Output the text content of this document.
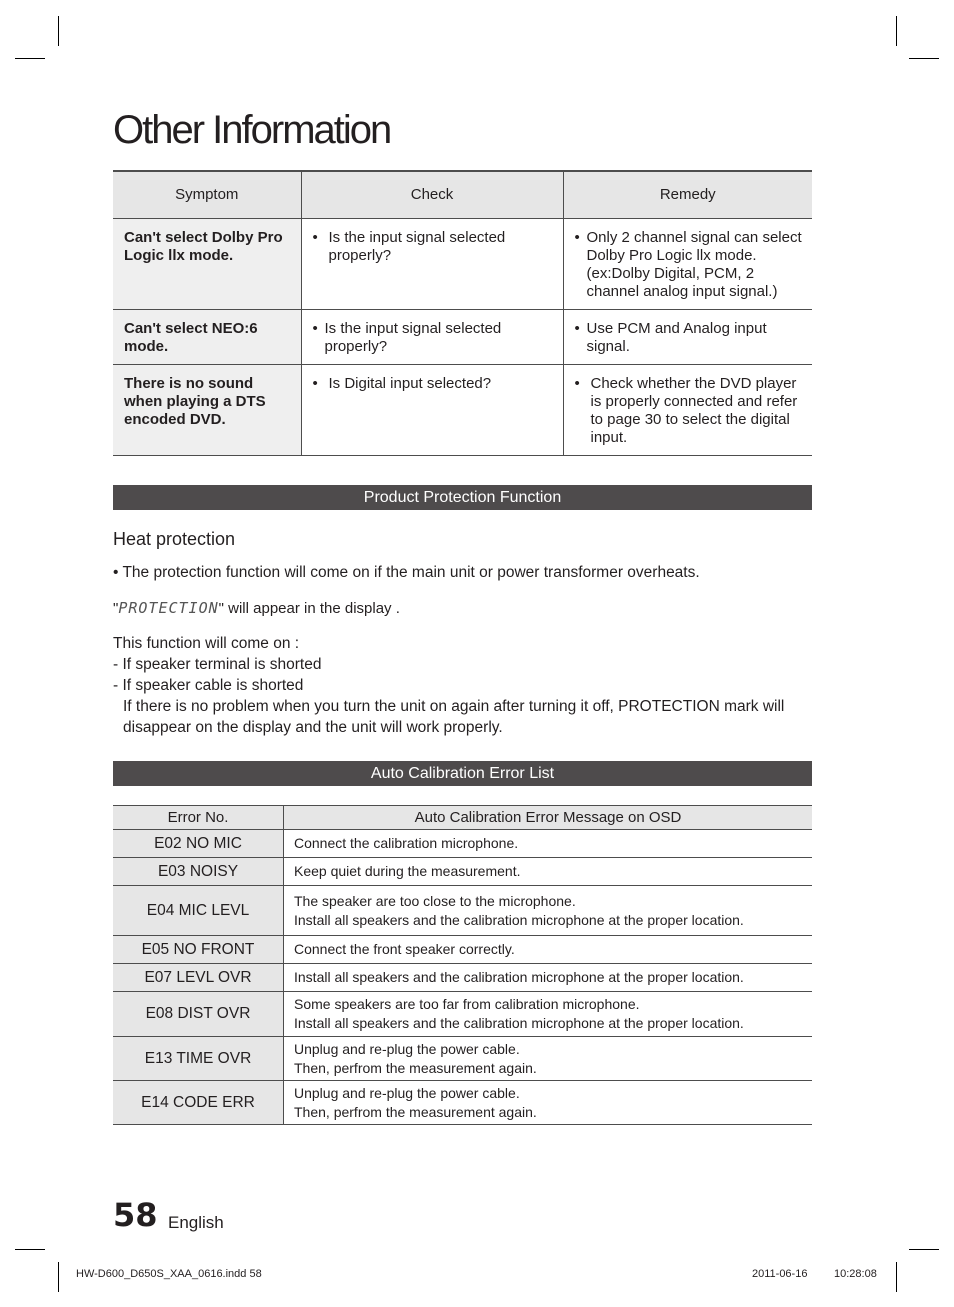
Other Information
Symptom	Check	Remedy
Can't select Dolby Pro Logic llx mode.	• Is the input signal selected properly?	• Only 2 channel signal can select Dolby Pro Logic llx mode. (ex:Dolby Digital, PCM, 2 channel analog input signal.)

Can't select NEO:6 mode.	• Is the input signal selected properly?	• Use PCM and Analog input signal.

There is no sound when playing a DTS encoded DVD.	• Is Digital input selected?	• Check whether the DVD player is properly connected and refer to page 30 to select the digital input.
Product Protection Function
Heat protection

• The protection function will come on if the main unit or power transformer overheats.

"PROTECTION" will appear in the display .

This function will come on :
- If speaker terminal is shorted
- If speaker cable is shorted
If there is no problem when you turn the unit on again after turning it off, PROTECTION mark will disappear on the display and the unit will work properly.
Auto Calibration Error List
Error No.	Auto Calibration Error Message on OSD
E02 NO MIC	Connect the calibration microphone.

E03 NOISY	Keep quiet during the measurement.

E04 MIC LEVL	The speaker are too close to the microphone.
Install all speakers and the calibration microphone at the proper location.

E05 NO FRONT	Connect the front speaker correctly.

E07 LEVL OVR	Install all speakers and the calibration microphone at the proper location.

E08 DIST OVR	Some speakers are too far from calibration microphone.
Install all speakers and the calibration microphone at the proper location.

E13 TIME OVR	Unplug and re-plug the power cable.
Then, perfrom the measurement again.

E14 CODE ERR	Unplug and re-plug the power cable.
Then, perfrom the measurement again.
58 English
HW-D600_D650S_XAA_0616.indd 58	2011-06-16 10:28:08
